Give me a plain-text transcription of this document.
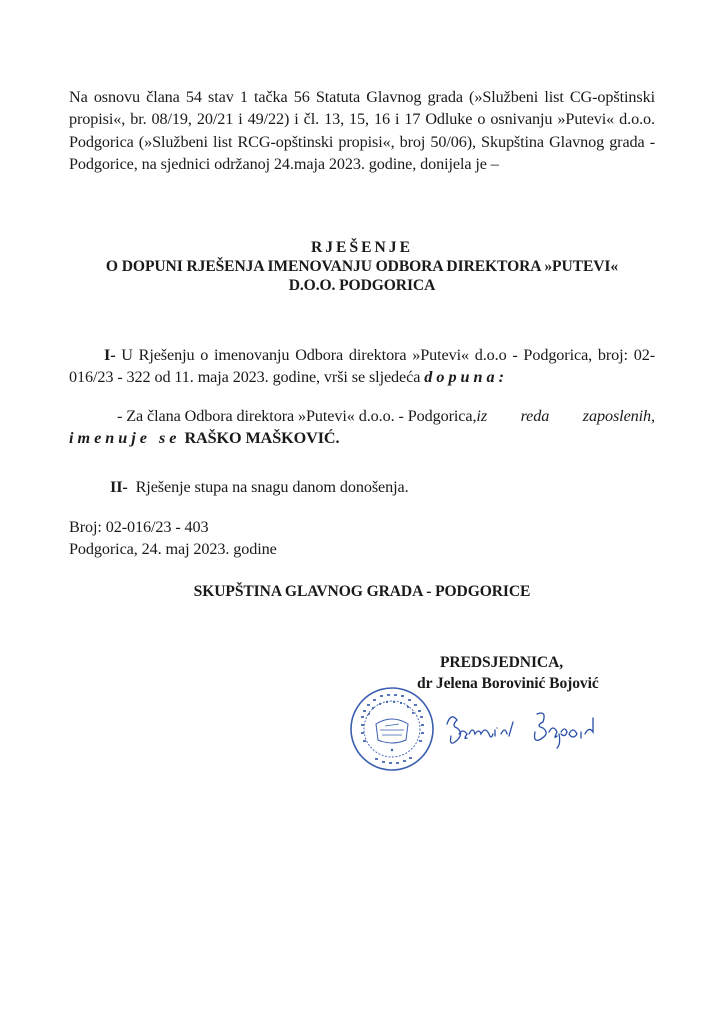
Na osnovu člana 54 stav 1 tačka 56 Statuta Glavnog grada (»Službeni list CG-opštinski propisi«, br. 08/19, 20/21 i 49/22) i čl. 13, 15, 16 i 17 Odluke o osnivanju »Putevi« d.o.o. Podgorica (»Službeni list RCG-opštinski propisi«, broj 50/06), Skupština Glavnog grada - Podgorice, na sjednici održanoj 24.maja 2023. godine, donijela je –
RJEŠENJE
O DOPUNI RJEŠENJA IMENOVANJU ODBORA DIREKTORA »PUTEVI«
D.O.O. PODGORICA
I- U Rješenju o imenovanju Odbora direktora »Putevi« d.o.o - Podgorica, broj: 02-016/23 - 322 od 11. maja 2023. godine, vrši se sljedeća dopuna:
- Za člana Odbora direktora »Putevi« d.o.o. - Podgorica,iz reda zaposlenih, imenuje se RAŠKO MAŠKOVIĆ.
II- Rješenje stupa na snagu danom donošenja.
Broj: 02-016/23 - 403
Podgorica, 24. maj 2023. godine
SKUPŠTINA GLAVNOG GRADA - PODGORICE
PREDSJEDNICA,
dr Jelena Borovinić Bojović
